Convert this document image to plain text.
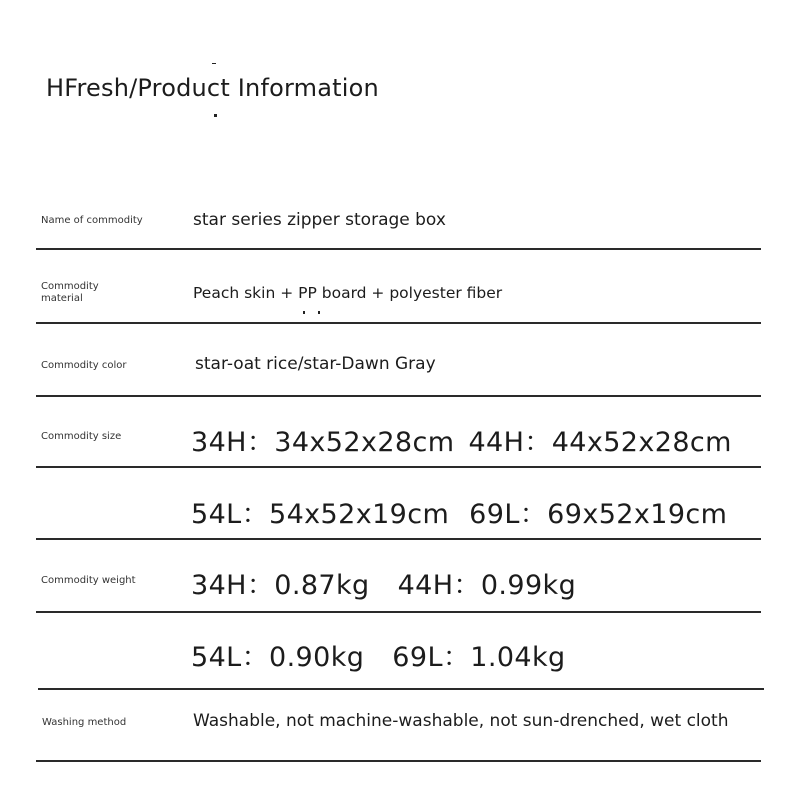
HFresh/Product Information
Name of commodity	star series zipper storage box
Commodity material	Peach skin + PP board + polyester fiber
Commodity color	star-oat rice/star-Dawn Gray
Commodity size	34H：34x52x28cm 44H：44x52x28cm
54L：54x52x19cm 69L：69x52x19cm
Commodity weight	34H：0.87kg 44H：0.99kg
54L：0.90kg 69L：1.04kg
Washing method	Washable, not machine-washable, not sun-drenched, wet cloth
